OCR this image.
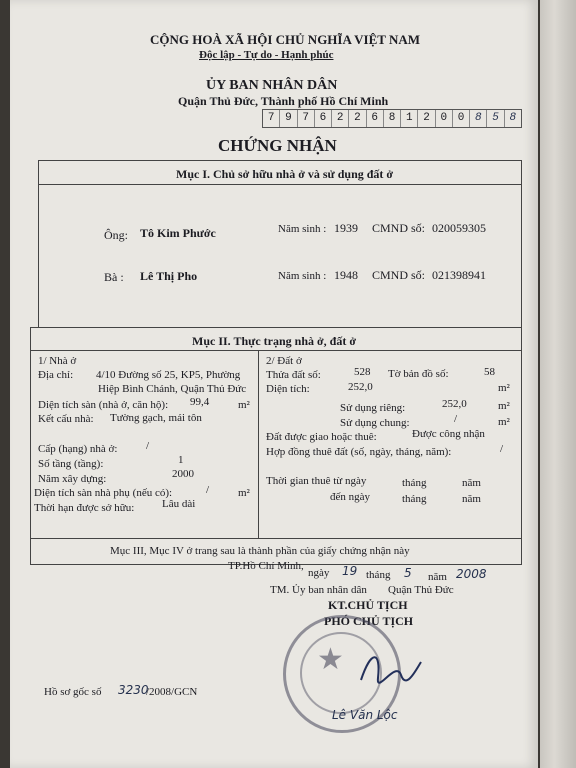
CỘNG HOÀ XÃ HỘI CHỦ NGHĨA VIỆT NAM
Độc lập - Tự do - Hạnh phúc
ỦY BAN NHÂN DÂN
Quận Thủ Đức, Thành phố Hồ Chí Minh
7 9 7 6 2 2 6 8 1 2 0 0 8 5 8
CHỨNG NHẬN
Mục I. Chủ sở hữu nhà ở và sử dụng đất ở
Ông: Tô Kim Phước	Năm sinh : 1939 CMND số: 020059305
Bà : Lê Thị Pho	Năm sinh : 1948 CMND số: 021398941
Mục II. Thực trạng nhà ở, đất ở
1/ Nhà ở
Địa chỉ: 4/10 Đường số 25, KP5, Phường
Hiệp Bình Chánh, Quận Thủ Đức
Diện tích sàn (nhà ở, căn hộ): 99,4	m²
Kết cấu nhà: Tường gạch, mái tôn
Cấp (hạng) nhà ở:	/
Số tầng (tầng):	1
Năm xây dựng:	2000
Diện tích sàn nhà phụ (nếu có):	/	m²
Thời hạn được sở hữu:	Lâu dài
2/ Đất ở
Thửa đất số:	528 Tờ bản đồ số:	58
Diện tích:	252,0	m²
Sử dụng riêng:	252,0	m²
Sử dụng chung:	/	m²
Đất được giao hoặc thuê:	Được công nhận
Hợp đồng thuê đất (số, ngày, tháng, năm):	/
Thời gian thuê từ ngày	tháng	năm
đến ngày	tháng	năm
Mục III, Mục IV ở trang sau là thành phần của giấy chứng nhận này
TP.Hồ Chí Minh,
ngày 19 tháng 5 năm 2008
TM. Ủy ban nhân dân Quận Thủ Đức
KT.CHỦ TỊCH
PHÓ CHỦ TỊCH
★
Lê Văn Lộc
Hồ sơ gốc số 3230
/2008/GCN
